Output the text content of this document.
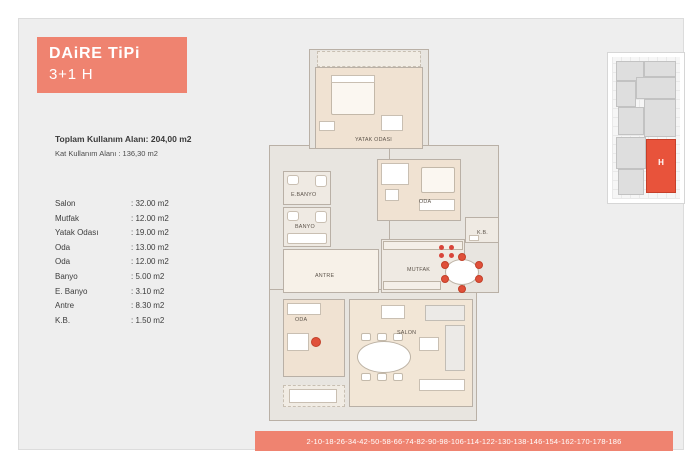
DAiRE TiPi
3+1 H
Toplam Kullanım Alanı: 204,00 m2
Kat Kullanım Alanı : 136,30 m2
Salon	: 32.00 m2
Mutfak	: 12.00 m2
Yatak Odası	: 19.00 m2
Oda	: 13.00 m2
Oda	: 12.00 m2
Banyo	: 5.00 m2
E. Banyo	: 3.10 m2
Antre	: 8.30 m2
K.B.	: 1.50 m2
H
2-10-18-26-34-42-50-58-66-74-82-90-98-106-114-122-130-138-146-154-162-170-178-186
YATAK ODASI
E.BANYO
BANYO
ODA
K.B.
ANTRE
MUTFAK
ODA
SALON
